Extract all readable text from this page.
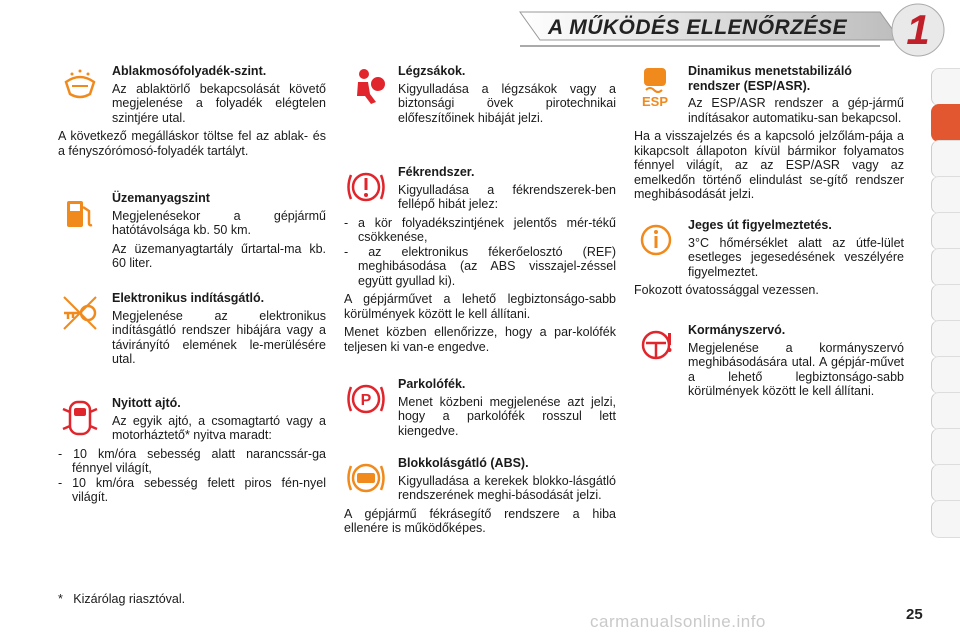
A MŰKÖDÉS ELLENŐRZÉSE 1

Ablakmosófolyadék-szint.

Az ablaktörlő bekapcsolását követő megjelenése a folyadék elégtelen szintjére utal.

A következő megálláskor töltse fel az ablak- és a fényszórómosó-folyadék tartályt.

Üzemanyagszint

Megjelenésekor a gépjármű hatótávolsága kb. 50 km.

Az üzemanyagtartály űrtartal-ma kb. 60 liter.

Elektronikus indításgátló.

Megjelenése az elektronikus indításgátló rendszer hibájára vagy a távirányító elemének le-merülésére utal.

Nyitott ajtó.

Az egyik ajtó, a csomagtartó vagy a motorháztető* nyitva maradt:

- 10 km/óra sebesség alatt narancssár-ga fénnyel világít,
- 10 km/óra sebesség felett piros fén-nyel világít.

Légzsákok.

Kigyulladása a légzsákok vagy a biztonsági övek pirotechnikai előfeszítőinek hibáját jelzi.

Fékrendszer.

Kigyulladása a fékrendszerek-ben fellépő hibát jelez:

- a kör folyadékszintjének jelentős mér-tékű csökkenése,
- az elektronikus fékerőelosztó (REF) meghibásodása (az ABS visszajel-zéssel együtt gyullad ki).

A gépjárművet a lehető legbiztonságo-sabb körülmények között le kell állítani.

Menet közben ellenőrizze, hogy a par-kolófék teljesen ki van-e engedve.

P

Parkolófék.

Menet közbeni megjelenése azt jelzi, hogy a parkolófék rosszul lett kiengedve.

Blokkolásgátló (ABS).

Kigyulladása a kerekek blokko-lásgátló rendszerének meghi-básodását jelzi.

A gépjármű fékrásegítő rendszere a hiba ellenére is működőképes.

ESP

Dinamikus menetstabilizáló rendszer (ESP/ASR).

Az ESP/ASR rendszer a gép-jármű indításakor automatiku-san bekapcsol.

Ha a visszajelzés és a kapcsoló jelzőlám-pája a kikapcsolt állapoton kívül bármikor folyamatos fénnyel világít, az az ESP/ASR vagy az emelkedőn történő elindulást se-gítő rendszer meghibásodását jelzi.

Jeges út figyelmeztetés.

3°C hőmérséklet alatt az útfe-lület esetleges jegesedésének veszélyére figyelmeztet.

Fokozott óvatossággal vezessen.

Kormányszervó.

Megjelenése a kormányszervó meghibásodására utal. A gépjár-művet a lehető legbiztonságo-sabb körülmények között le kell állítani.

*   Kizárólag riasztóval.
carmanualsonline.info	25
